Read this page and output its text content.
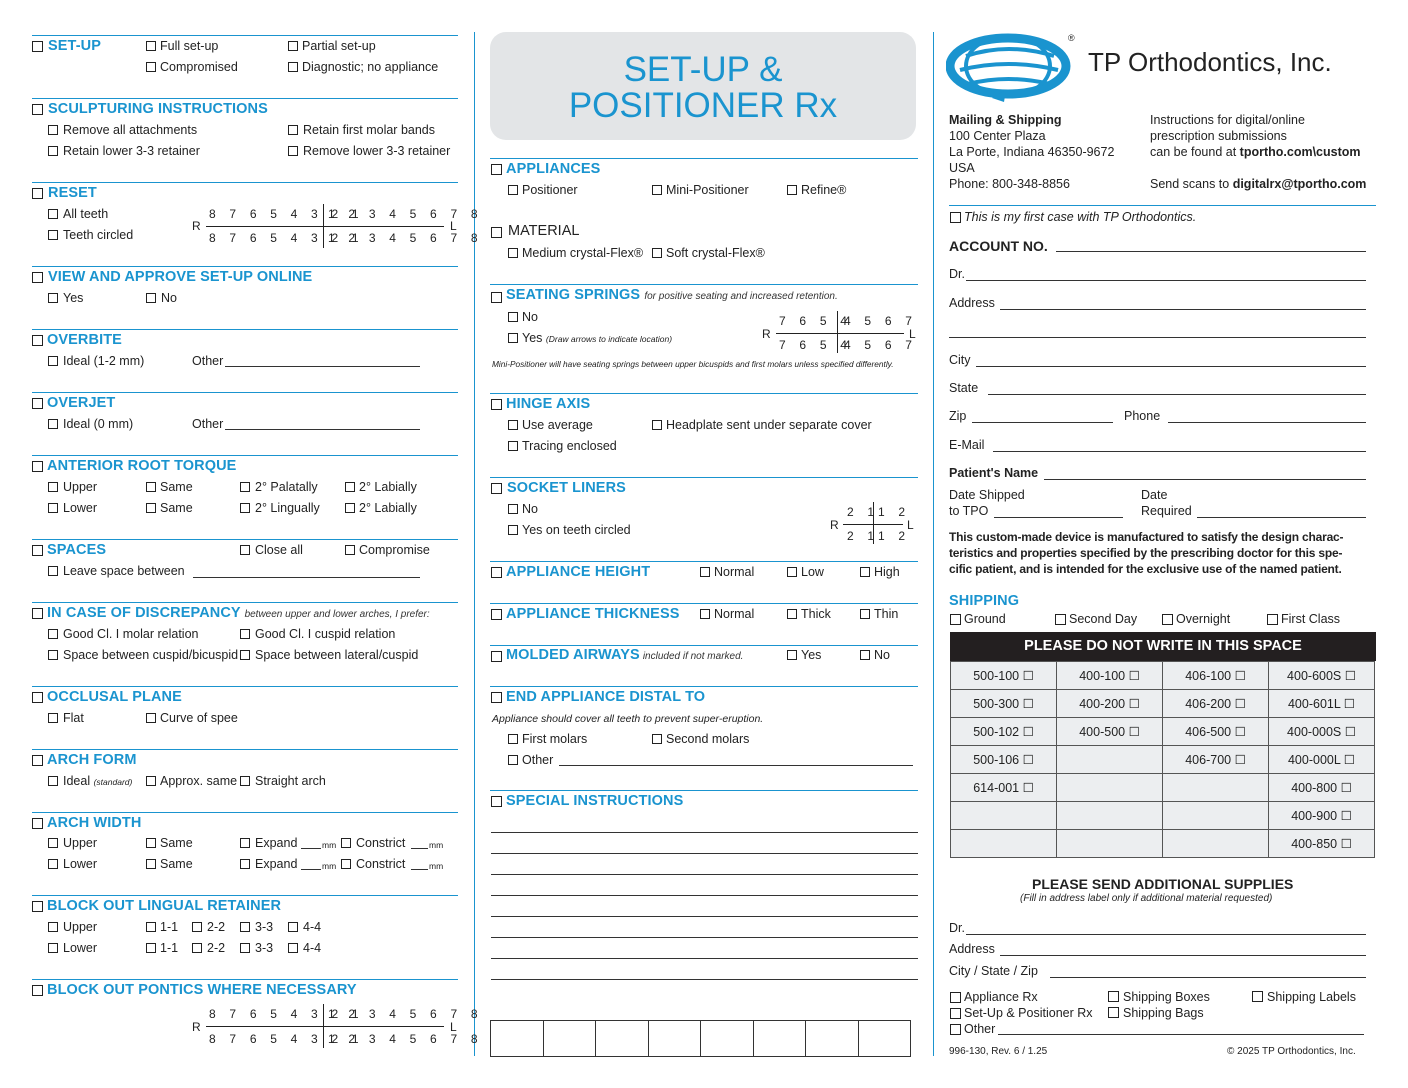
SET-UP	Full set-up	Partial set-up
Compromised	Diagnostic; no appliance
SCULPTURING INSTRUCTIONS
Remove all attachments	Retain first molar bands
Retain lower 3-3 retainer	Remove lower 3-3 retainer
RESET
All teeth
Teeth circled
8 7 6 5 4 3 2 1
1 2 3 4 5 6 7 8
8 7 6 5 4 3 2 1
1 2 3 4 5 6 7 8
R	L
VIEW AND APPROVE SET-UP ONLINE
Yes	No
OVERBITE
Ideal (1-2 mm)	Other
OVERJET
Ideal (0 mm)	Other
ANTERIOR ROOT TORQUE
Upper	Same	2° Palatally	2° Labially
Lower	Same	2° Lingually	2° Labially
SPACES	Close all	Compromise
Leave space between
IN CASE OF DISCREPANCY between upper and lower arches, I prefer:
Good Cl. I molar relation	Good Cl. I cuspid relation
Space between cuspid/bicuspid Space between lateral/cuspid
OCCLUSAL PLANE
Flat	Curve of spee
ARCH FORM
Ideal (standard) Approx. same Straight arch
ARCH WIDTH
Upper	Same	Expand	mm Constrict	mm
Lower	Same	Expand	mm Constrict	mm
BLOCK OUT LINGUAL RETAINER
Upper	1-1 2-2 3-3 4-4
Lower	1-1 2-2 3-3 4-4
BLOCK OUT PONTICS WHERE NECESSARY
8 7 6 5 4 3 2 1
1 2 3 4 5 6 7 8
8 7 6 5 4 3 2 1
1 2 3 4 5 6 7 8
R	L
SET-UP &
POSITIONER Rx
APPLIANCES
Positioner	Mini-Positioner	Refine®
MATERIAL
Medium crystal-Flex® Soft crystal-Flex®
SEATING SPRINGS for positive seating and increased retention.
No
Yes (Draw arrows to indicate location)
7 6 5 4
4 5 6 7
7 6 5 4
4 5 6 7
R	L
Mini-Positioner will have seating springs between upper bicuspids and first molars unless specified differently.
HINGE AXIS
Use average	Headplate sent under separate cover
Tracing enclosed
SOCKET LINERS
No
Yes on teeth circled
2 1
1 2
2 1
1 2
R	L
APPLIANCE HEIGHT	Normal	Low	High
APPLIANCE THICKNESS	Normal	Thick	Thin
MOLDED AIRWAYS included if not marked.	Yes	No
END APPLIANCE DISTAL TO
Appliance should cover all teeth to prevent super-eruption.
First molars	Second molars
Other
SPECIAL INSTRUCTIONS

TP Orthodontics, Inc.
®
Mailing & Shipping
100 Center Plaza
La Porte, Indiana 46350-9672
USA
Phone: 800-348-8856
Instructions for digital/online
prescription submissions
can be found at tportho.com\custom
Send scans to digitalrx@tportho.com
This is my first case with TP Orthodontics.
ACCOUNT NO.
Dr.
Address
City
State
Zip	Phone
E-Mail
Patient's Name
Date Shipped
to TPO
Date
Required
This custom-made device is manufactured to satisfy the design charac-
teristics and properties specified by the prescribing doctor for this spe-
cific patient, and is intended for the exclusive use of the named patient.
SHIPPING
Ground	Second Day	Overnight	First Class
PLEASE DO NOT WRITE IN THIS SPACE
500-100 ☐	400-100 ☐	406-100 ☐	400-600S ☐
500-300 ☐	400-200 ☐	406-200 ☐	400-601L ☐
500-102 ☐	400-500 ☐	406-500 ☐	400-000S ☐
500-106 ☐		406-700 ☐	400-000L ☐
614-001 ☐			400-800 ☐
			400-900 ☐
			400-850 ☐
PLEASE SEND ADDITIONAL SUPPLIES
(Fill in address label only if additional material requested)
Dr.
Address
City / State / Zip
Appliance Rx	Shipping Boxes	Shipping Labels
Set-Up & Positioner Rx Shipping Bags
Other
996-130, Rev. 6 / 1.25	© 2025 TP Orthodontics, Inc.
